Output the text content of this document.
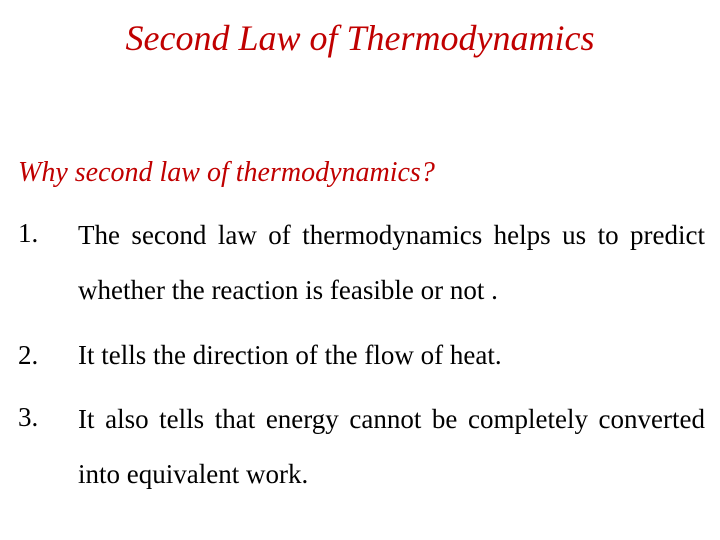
Second Law of Thermodynamics
Why second law of thermodynamics?
1.	The second law of thermodynamics helps us to predict whether the reaction is feasible or not .
2.	It tells the direction of the flow of heat.
3.	It also tells that energy cannot be completely converted into equivalent work.
